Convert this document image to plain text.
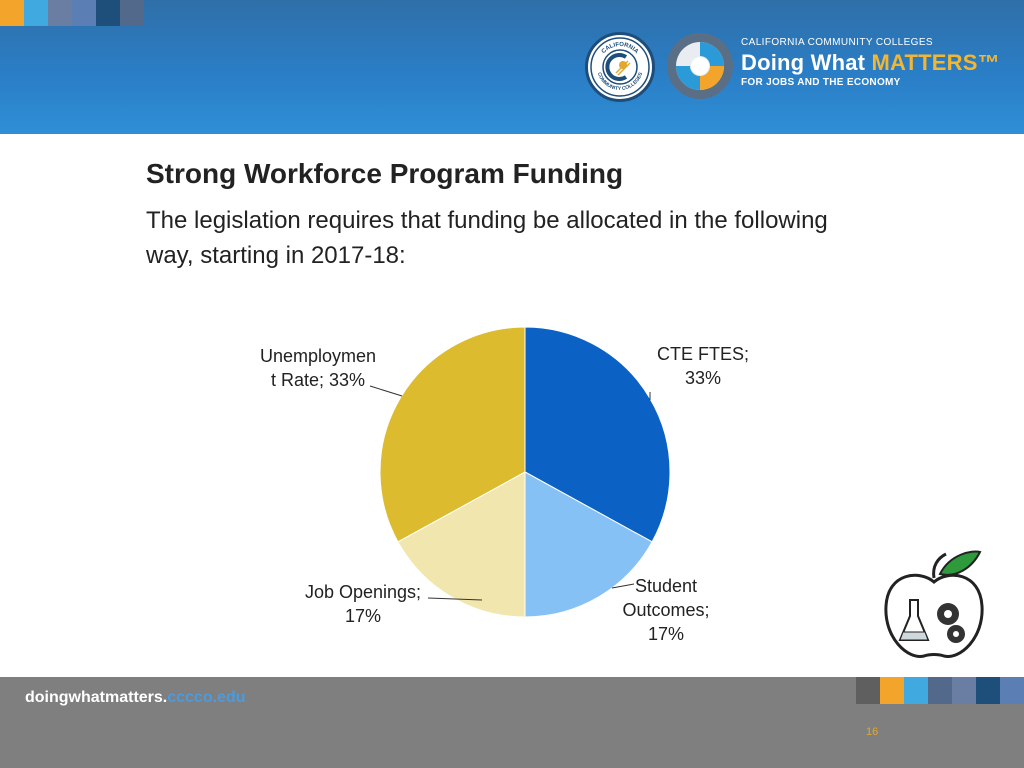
CALIFORNIA
COMMUNITY COLLEGES
CALIFORNIA COMMUNITY COLLEGES
Doing What MATTERS™
FOR JOBS AND THE ECONOMY
Strong Workforce Program Funding
The legislation requires that funding be allocated in the following way, starting in 2017-18:
CTE FTES; 33%
Student Outcomes; 17%
Job Openings; 17%
Unemploymen t Rate; 33%
doingwhatmatters.cccco.edu
16
